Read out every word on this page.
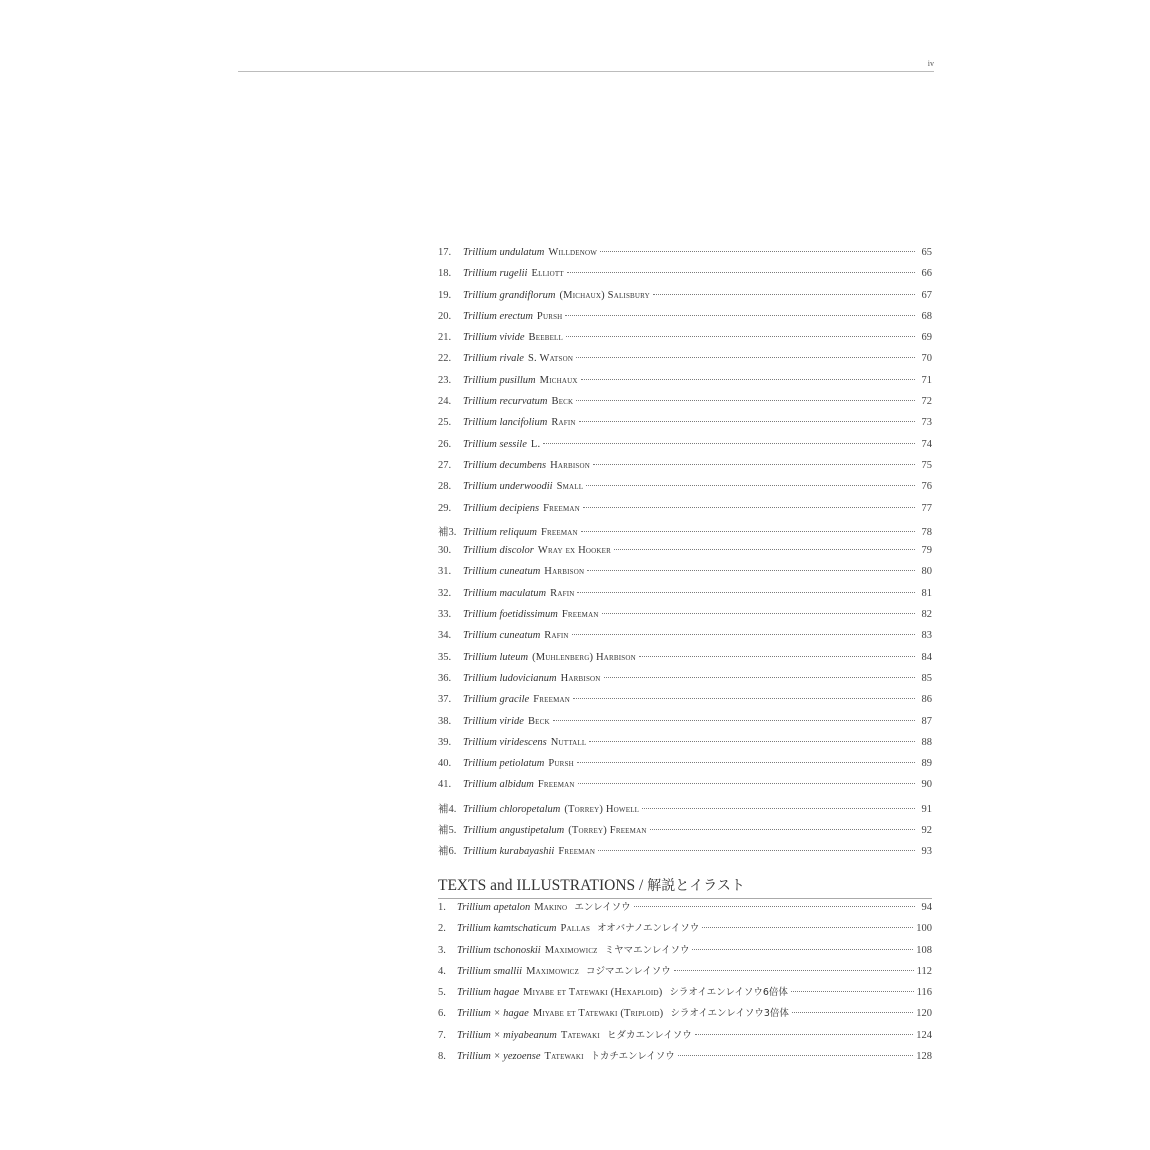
iv
17.	Trillium undulatum Willdenow	65
18.	Trillium rugelii Elliott	66
19.	Trillium grandiflorum (Michaux) Salisbury	67
20.	Trillium erectum Pursh	68
21.	Trillium vivide Beebell	69
22.	Trillium rivale S. Watson	70
23.	Trillium pusillum Michaux	71
24.	Trillium recurvatum Beck	72
25.	Trillium lancifolium Rafin	73
26.	Trillium sessile L.	74
27.	Trillium decumbens Harbison	75
28.	Trillium underwoodii Small	76
29.	Trillium decipiens Freeman	77
補3. Trillium reliquum Freeman	78
30.	Trillium discolor Wray ex Hooker	79
31.	Trillium cuneatum Harbison	80
32.	Trillium maculatum Rafin	81
33.	Trillium foetidissimum Freeman	82
34.	Trillium cuneatum Rafin	83
35.	Trillium luteum (Muhlenberg) Harbison	84
36.	Trillium ludovicianum Harbison	85
37.	Trillium gracile Freeman	86
38.	Trillium viride Beck	87
39.	Trillium viridescens Nuttall	88
40.	Trillium petiolatum Pursh	89
41.	Trillium albidum Freeman	90
補4. Trillium chloropetalum (Torrey) Howell	91
補5. Trillium angustipetalum (Torrey) Freeman	92
補6. Trillium kurabayashii Freeman	93
TEXTS and ILLUSTRATIONS / 解説とイラスト
1.	Trillium apetalon Makino エンレイソウ	94
2.	Trillium kamtschaticum Pallas オオバナノエンレイソウ	100
3.	Trillium tschonoskii Maximowicz ミヤマエンレイソウ	108
4.	Trillium smallii Maximowicz コジマエンレイソウ	112
5.	Trillium hagae Miyabe et Tatewaki (Hexaploid) シラオイエンレイソウ6倍体	116
6.	Trillium × hagae Miyabe et Tatewaki (Triploid) シラオイエンレイソウ3倍体	120
7.	Trillium × miyabeanum Tatewaki ヒダカエンレイソウ	124
8.	Trillium × yezoense Tatewaki トカチエンレイソウ	128
